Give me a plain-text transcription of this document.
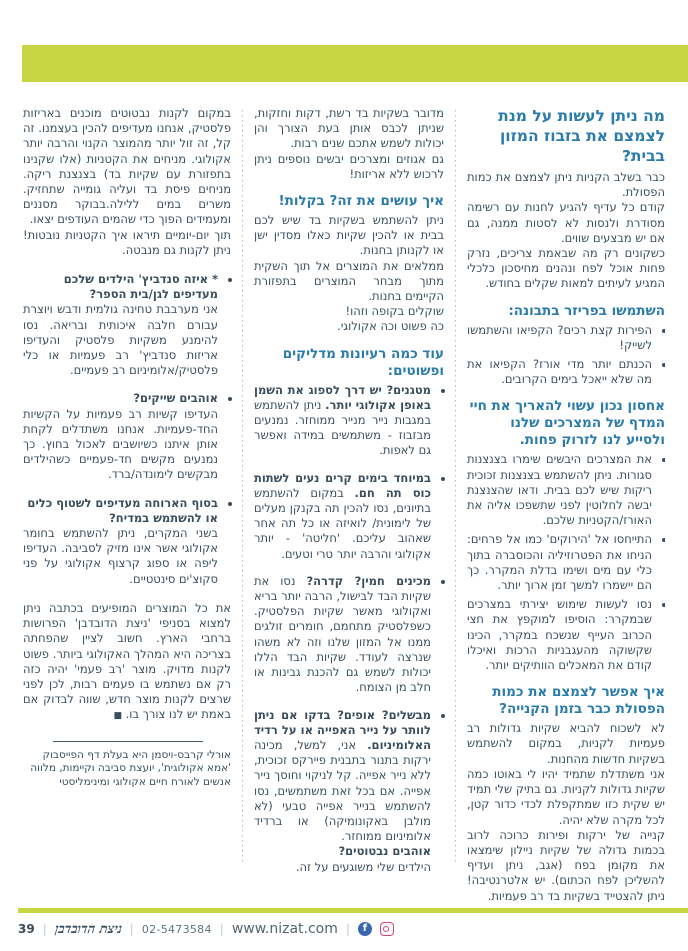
מה ניתן לעשות על מנת לצמצם את בזבוז המזון בבית?

כבר בשלב הקניות ניתן לצמצם את כמות הפסולת.

קודם כל עדיף להגיע לחנות עם רשימה מסודרת ולנסות לא לסטות ממנה, גם אם יש מבצעים שווים.

כשקונים רק מה שבאמת צריכים, נזרק פחות אוכל לפח ונהנים מחיסכון כלכלי המגיע לעיתים למאות שקלים בחודש.

השתמשו בפריזר בתבונה:
• הפירות קצת רכים? הקפיאו והשתמשו לשייק!
• הכנתם יותר מדי אורז? הקפיאו את מה שלא ייאכל בימים הקרובים.
אחסון נכון עשוי להאריך את חיי המדף של המצרכים שלנו ולסייע לנו לזרוק פחות.
• את המצרכים היבשים שימרו בצנצנות סגורות. ניתן להשתמש בצנצנות זכוכית ריקות שיש לכם בבית. ודאו שהצנצנת יבשה לחלוטין לפני שתשפכו אליה את האורז/הקטניות שלכם.
• התייחסו אל 'הירוקים' כמו אל פרחים: הניחו את הפטרוזיליה והכוסברה בתוך כלי עם מים ושימו בדלת המקרר. כך הם יישמרו למשך זמן ארוך יותר.
• נסו לעשות שימוש יצירתי במצרכים שבמקרר: הוסיפו למוקפץ את חצי הכרוב העייף שנשכח במקרר, הכינו שקשוקה מהעגבניות הרכות ואיכלו קודם את המאכלים הוותיקים יותר.
איך אפשר לצמצם את כמות הפסולת כבר בזמן הקנייה?

לא לשכוח להביא שקיות גדולות רב פעמיות לקניות, במקום להשתמש בשקיות חדשות מהחנות.

אני משתדלת שתמיד יהיו לי באוטו כמה שקיות גדולות לקניות. גם בתיק שלי תמיד יש שקית כזו שמתקפלת לכדי כדור קטן, לכל מקרה שלא יהיה.

קנייה של ירקות ופירות כרוכה לרוב בכמות גדולה של שקיות ניילון שימצאו את מקומן בפח (אגב, ניתן ועדיף להשליכן לפח הכתום). יש אלטרנטיבה! ניתן להצטייד בשקיות בד רב פעמיות.

מדובר בשקיות בד רשת, דקות וחזקות, שניתן לכבס אותן בעת הצורך והן יכולות לשמש אתכם שנים רבות.

גם אגוזים ומצרכים יבשים נוספים ניתן לרכוש ללא אריזות!

איך עושים את זה? בקלות!

ניתן להשתמש בשקיות בד שיש לכם בבית או להכין שקיות כאלו מסדין ישן או לקנותן בחנות.

ממלאים את המוצרים אל תוך השקית מתוך מבחר המוצרים בתפזורת הקיימים בחנות.

שוקלים בקופה וזהו!

כה פשוט וכה אקולוגי.

עוד כמה רעיונות מדליקים ופשוטים:
• מטגנים? יש דרך לספוג את השמן באופן אקולוגי יותר. ניתן להשתמש במגבות נייר מנייר ממוחזר. נמנעים מבזבוז - משתמשים במידה ואפשר גם לאפות.
• במיוחד בימים קרים נעים לשתות כוס תה חם. במקום להשתמש בתיונים, נסו להכין תה בקנקן מעלים של לימונית/ לואיזה או כל תה אחר שאהוב עליכם. 'חליטה' - יותר אקולוגי והרבה יותר טרי וטעים.
• מכינים חמין? קדרה? נסו את שקיות הבד לבישול, הרבה יותר בריא ואקולוגי מאשר שקיות הפלסטיק. כשפלסטיק מתחמם, חומרים זולגים ממנו אל המזון שלנו וזה לא משהו שנרצה לעודד. שקיות הבד הללו יכולות לשמש גם להכנת גבינות או חלב מן הצומח.
• מבשלים? אופים? בדקו אם ניתן לוותר על נייר האפייה או על רדיד האלומיניום. אני, למשל, מכינה ירקות בתנור בתבנית פיירקס זכוכית, ללא נייר אפייה. קל לניקוי וחוסך נייר אפייה. אם בכל זאת משתמשים, נסו להשתמש בנייר אפייה טבעי (לא מולבן באקונומיקה) או ברדיד אלומיניום ממוחזר.
אוהבים נבטוטים?
הילדים שלי משוגעים על זה.

במקום לקנות נבטוטים מוכנים באריזות פלסטיק, אנחנו מעדיפים להכין בעצמנו. זה קל, זה זול יותר מהמוצר הקנוי והרבה יותר אקולוגי. מניחים את הקטניות (אלו שקנינו בתפזורת עם שקיות בד) בצנצנת ריקה. מניחים פיסת בד ועליה גומייה שתחזיק. משרים במים ללילה.בבוקר מסננים ומעמידים הפוך כדי שהמים העודפים יצאו.

תוך יום-יומיים תיראו איך הקטניות נובטות! ניתן לקנות גם מנבטה.

• * איזה סנדביץ' הילדים שלכם מעדיפים לגן/בית הספר?
אני מערבבת טחינה גולמית ודבש ויוצרת עבורם חלבה איכותית ובריאה. נסו להימנע משקיות פלסטיק והעדיפו אריזות סנדביץ' רב פעמיות או כלי פלסטיק/אלומיניום רב פעמיים.
• אוהבים שייקים?
העדיפו קשיות רב פעמיות על הקשיות החד-פעמיות. אנחנו משתדלים לקחת אותן איתנו כשיושבים לאכול בחוץ. כך נמנעים מקשים חד-פעמיים כשהילדים מבקשים לימונדה/ברד.
• בסוף הארוחה מעדיפים לשטוף כלים או להשתמש במדיח?
בשני המקרים, ניתן להשתמש בחומר אקולוגי אשר אינו מזיק לסביבה. העדיפו ליפה או ספוג קרצוף אקולוגי על פני סקוצ'ים סינטטיים.

את כל המוצרים המופיעים בכתבה ניתן למצוא בסניפי 'ניצת הדובדבן' הפרושות ברחבי הארץ. חשוב לציין שהפחתה בצריכה היא המהלך האקולוגי ביותר. פשוט לקנות מדויק. מוצר 'רב פעמי' יהיה כזה רק אם נשתמש בו פעמים רבות, לכן לפני שרצים לקנות מוצר חדש, שווה לבדוק אם באמת יש לנו צורך בו. ■

אורלי קרבס-ויסמן היא בעלת דף הפייסבוק 'אמא אקולוגית', יועצת סביבה וקיימות, מלווה אנשים לאורח חיים אקולוגי ומינימליסטי
39 | ניצת הדובדבן | 02-5473584 | www.nizat.com |	f
